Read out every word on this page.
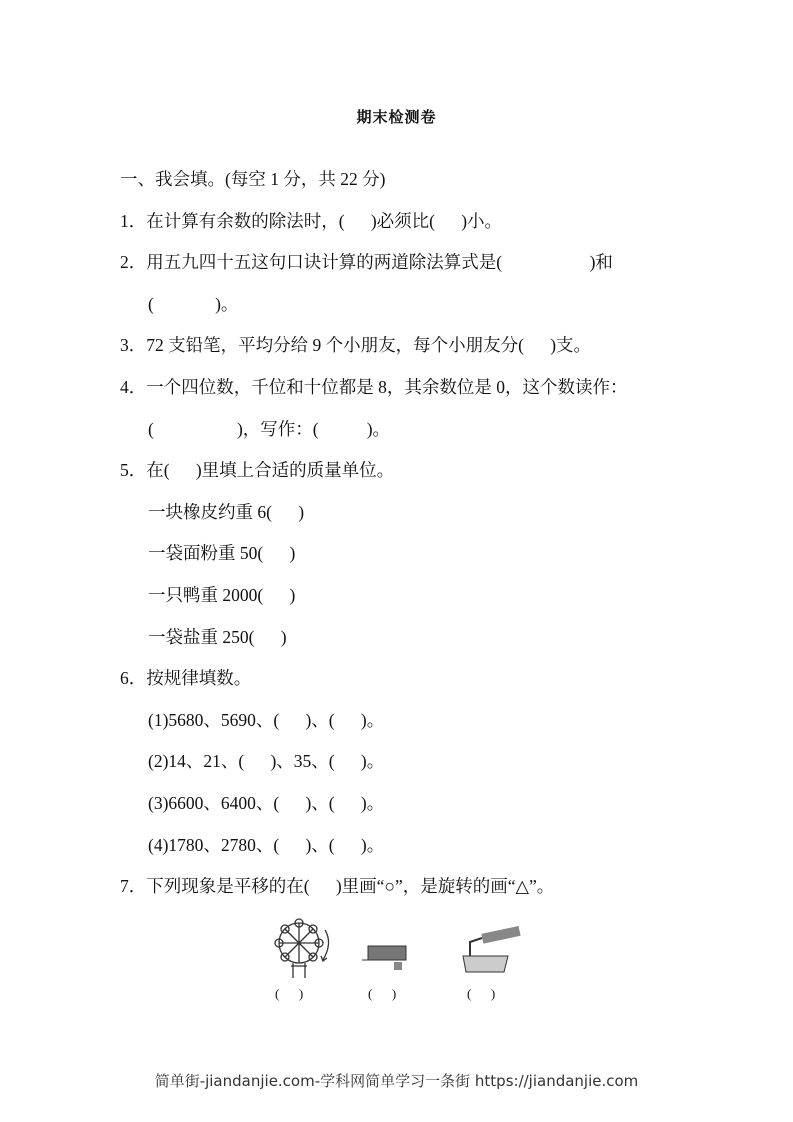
期末检测卷
一、我会填。(每空 1 分，共 22 分)
1．在计算有余数的除法时，(      )必须比(      )小。
2．用五九四十五这句口诀计算的两道除法算式是(                    )和
(              )。
3．72 支铅笔，平均分给 9 个小朋友，每个小朋友分(      )支。
4．一个四位数，千位和十位都是 8，其余数位是 0，这个数读作：
(                   )，写作：(           )。
5．在(      )里填上合适的质量单位。
一块橡皮约重 6(      )
一袋面粉重 50(      )
一只鸭重 2000(      )
一袋盐重 250(      )
6．按规律填数。
(1)5680、5690、(      )、(      )。
(2)14、21、(      )、35、(      )。
(3)6600、6400、(      )、(      )。
(4)1780、2780、(      )、(      )。
7．下列现象是平移的在(      )里画“○”，是旋转的画“△”。
(      )	(      )	(      )
简单街-jiandanjie.com-学科网简单学习一条街 https://jiandanjie.com
